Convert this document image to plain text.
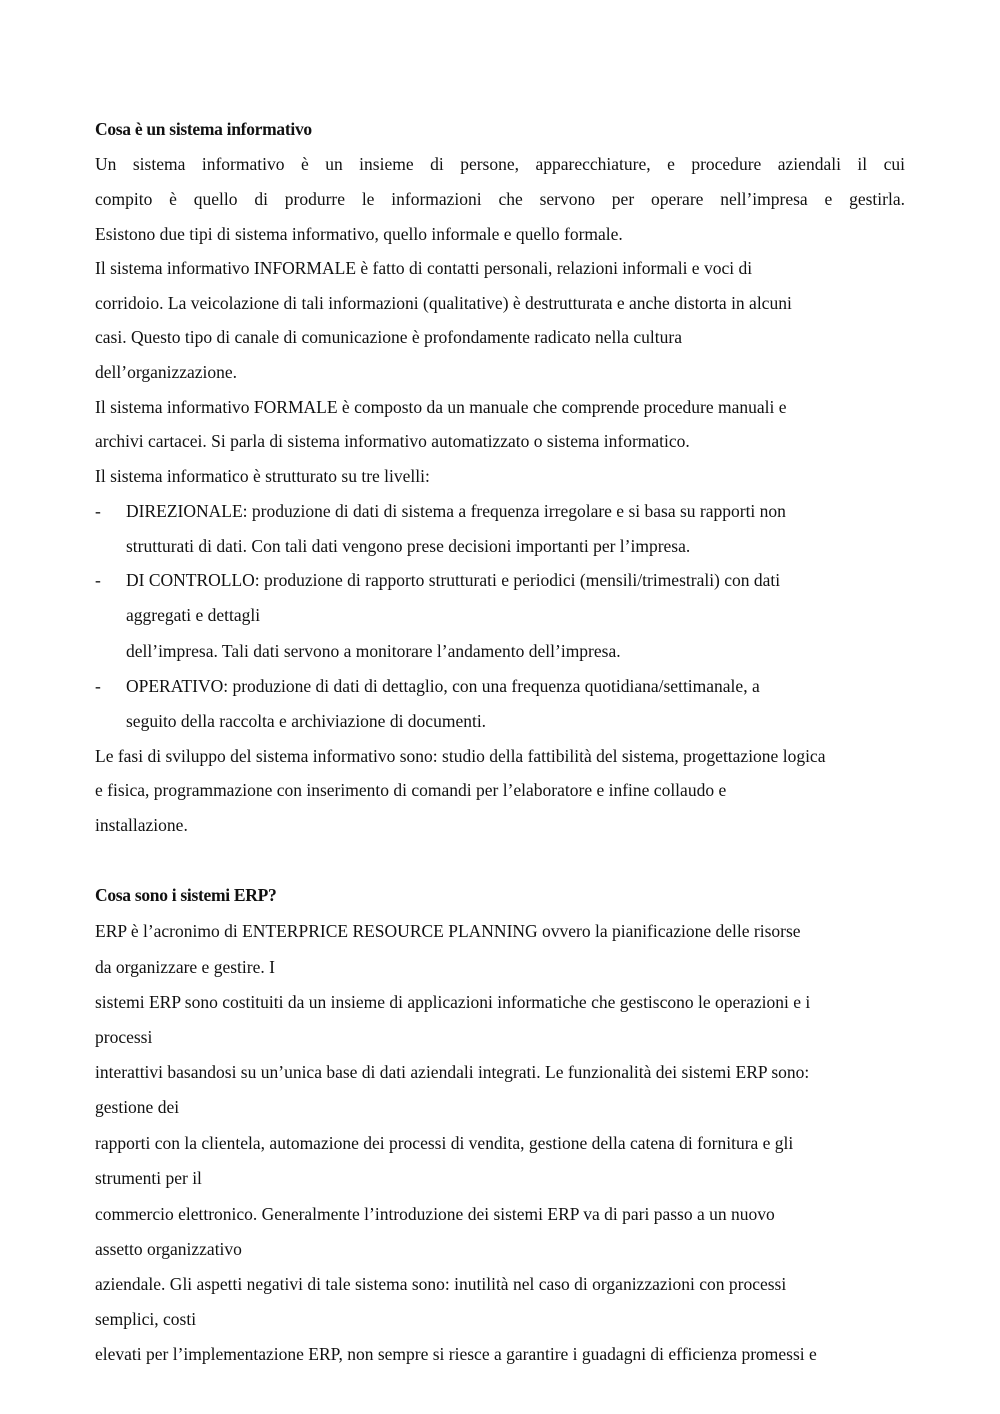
Cosa è un sistema informativo

Un sistema informativo è un insieme di persone, apparecchiature, e procedure aziendali il cui

compito è quello di produrre le informazioni che servono per operare nell’impresa e gestirla.

Esistono due tipi di sistema informativo, quello informale e quello formale.

Il sistema informativo INFORMALE è fatto di contatti personali, relazioni informali e voci di

corridoio. La veicolazione di tali informazioni (qualitative) è destrutturata e anche distorta in alcuni

casi. Questo tipo di canale di comunicazione è profondamente radicato nella cultura

dell’organizzazione.

Il sistema informativo FORMALE è composto da un manuale che comprende procedure manuali e

archivi cartacei. Si parla di sistema informativo automatizzato o sistema informatico.

Il sistema informatico è strutturato su tre livelli:

- DIREZIONALE: produzione di dati di sistema a frequenza irregolare e si basa su rapporti non

strutturati di dati. Con tali dati vengono prese decisioni importanti per l’impresa.

- DI CONTROLLO: produzione di rapporto strutturati e periodici (mensili/trimestrali) con dati

aggregati e dettagli

dell’impresa. Tali dati servono a monitorare l’andamento dell’impresa.

- OPERATIVO: produzione di dati di dettaglio, con una frequenza quotidiana/settimanale, a

seguito della raccolta e archiviazione di documenti.

Le fasi di sviluppo del sistema informativo sono: studio della fattibilità del sistema, progettazione logica

e fisica, programmazione con inserimento di comandi per l’elaboratore e infine collaudo e

installazione.

Cosa sono i sistemi ERP?

ERP è l’acronimo di ENTERPRICE RESOURCE PLANNING ovvero la pianificazione delle risorse

da organizzare e gestire. I

sistemi ERP sono costituiti da un insieme di applicazioni informatiche che gestiscono le operazioni e i

processi

interattivi basandosi su un’unica base di dati aziendali integrati. Le funzionalità dei sistemi ERP sono:

gestione dei

rapporti con la clientela, automazione dei processi di vendita, gestione della catena di fornitura e gli

strumenti per il

commercio elettronico. Generalmente l’introduzione dei sistemi ERP va di pari passo a un nuovo

assetto organizzativo

aziendale. Gli aspetti negativi di tale sistema sono: inutilità nel caso di organizzazioni con processi

semplici, costi

elevati per l’implementazione ERP, non sempre si riesce a garantire i guadagni di efficienza promessi e
